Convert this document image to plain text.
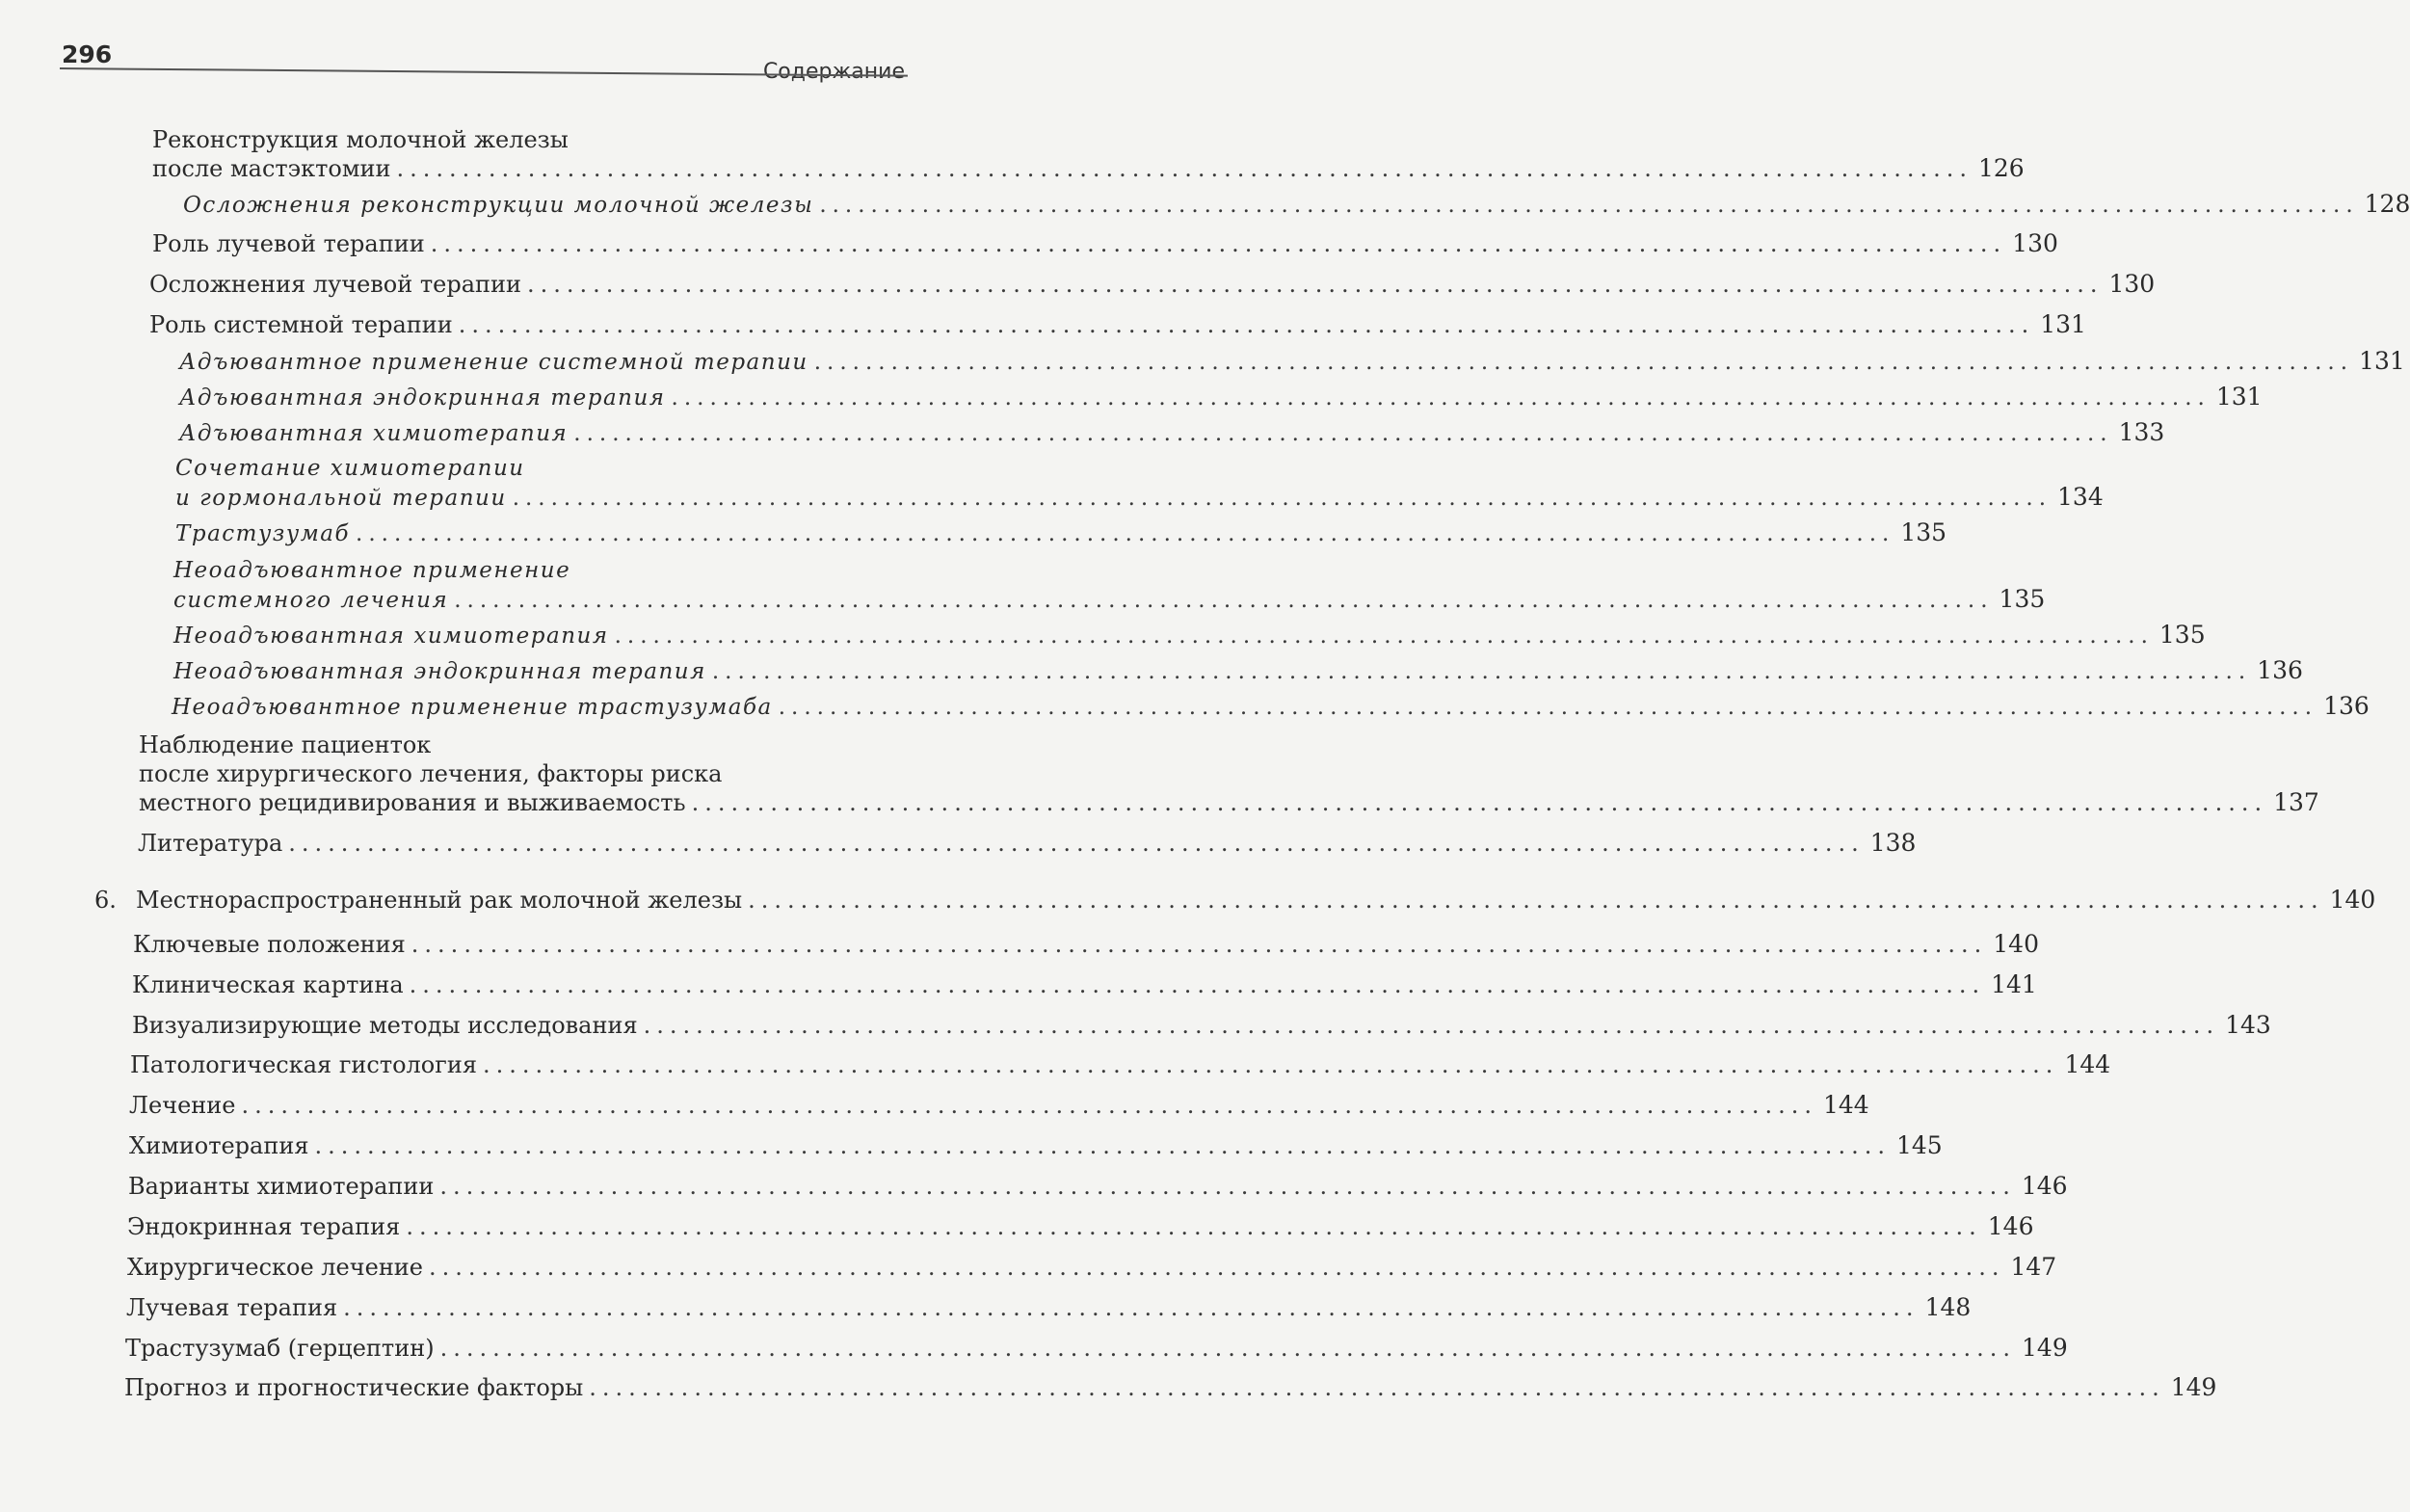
296
Содержание
Реконструкция молочной железы
после мастэктомии ........................................................................................................................ 126
Осложнения реконструкции молочной железы ........................................................................................................................ 128
Роль лучевой терапии ........................................................................................................................ 130
Осложнения лучевой терапии ........................................................................................................................ 130
Роль системной терапии ........................................................................................................................ 131
Адъювантное применение системной терапии ........................................................................................................................ 131
Адъювантная эндокринная терапия ........................................................................................................................ 131
Адъювантная химиотерапия ........................................................................................................................ 133
Сочетание химиотерапии
и гормональной терапии ........................................................................................................................ 134
Трастузумаб ........................................................................................................................ 135
Неоадъювантное применение
системного лечения ........................................................................................................................ 135
Неоадъювантная химиотерапия ........................................................................................................................ 135
Неоадъювантная эндокринная терапия ........................................................................................................................ 136
Неоадъювантное применение трастузумаба ........................................................................................................................ 136
Наблюдение пациенток
после хирургического лечения, факторы риска
местного рецидивирования и выживаемость ........................................................................................................................ 137
Литература ........................................................................................................................ 138
Местнораспространенный рак молочной железы ........................................................................................................................ 140
6.
Ключевые положения ........................................................................................................................ 140
Клиническая картина ........................................................................................................................ 141
Визуализирующие методы исследования ........................................................................................................................ 143
Патологическая гистология ........................................................................................................................ 144
Лечение ........................................................................................................................ 144
Химиотерапия ........................................................................................................................ 145
Варианты химиотерапии ........................................................................................................................ 146
Эндокринная терапия ........................................................................................................................ 146
Хирургическое лечение ........................................................................................................................ 147
Лучевая терапия ........................................................................................................................ 148
Трастузумаб (герцептин) ........................................................................................................................ 149
Прогноз и прогностические факторы ........................................................................................................................ 149
